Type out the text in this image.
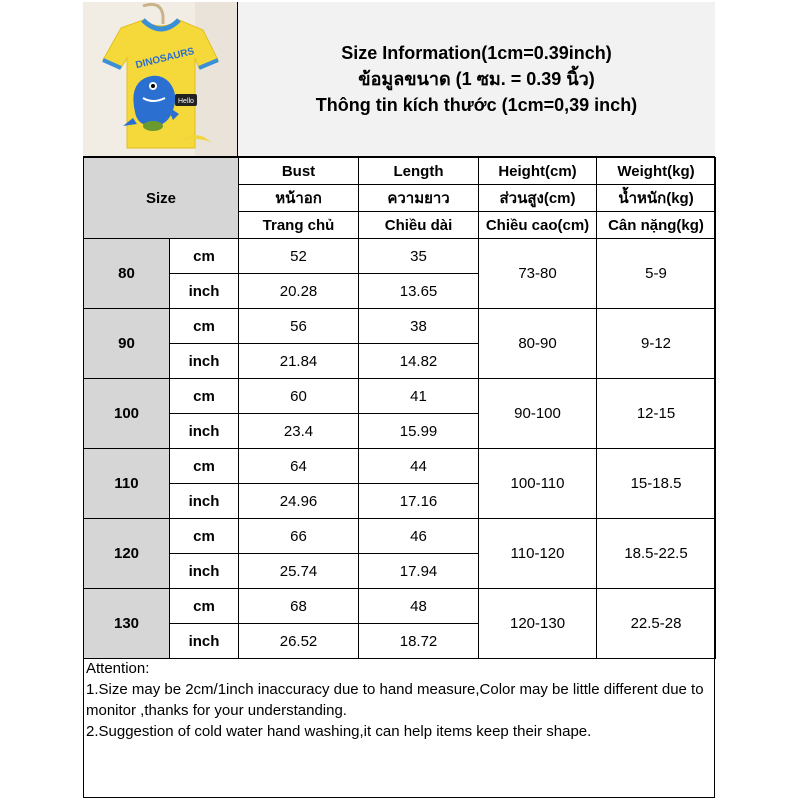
DINOSAURS
Hello
Size Information(1cm=0.39inch)
ข้อมูลขนาด (1 ซม. = 0.39 นิ้ว)
Thông tin kích thước (1cm=0,39 inch)
Size		Bust	Length	Height(cm)	Weight(kg)
		หน้าอก	ความยาว	ส่วนสูง(cm)	น้ำหนัก(kg)
		Trang chủ	Chiều dài	Chiều cao(cm)	Cân nặng(kg)
80	cm	52	35	73-80	5-9
	inch	20.28	13.65		
90	cm	56	38	80-90	9-12
	inch	21.84	14.82		
100	cm	60	41	90-100	12-15
	inch	23.4	15.99		
110	cm	64	44	100-110	15-18.5
	inch	24.96	17.16		
120	cm	66	46	110-120	18.5-22.5
	inch	25.74	17.94		
130	cm	68	48	120-130	22.5-28
	inch	26.52	18.72		
Attention:
1.Size may be 2cm/1inch inaccuracy due to hand measure,Color may be little different due to monitor ,thanks for your understanding.
2.Suggestion of cold water hand washing,it can help items keep their shape.
